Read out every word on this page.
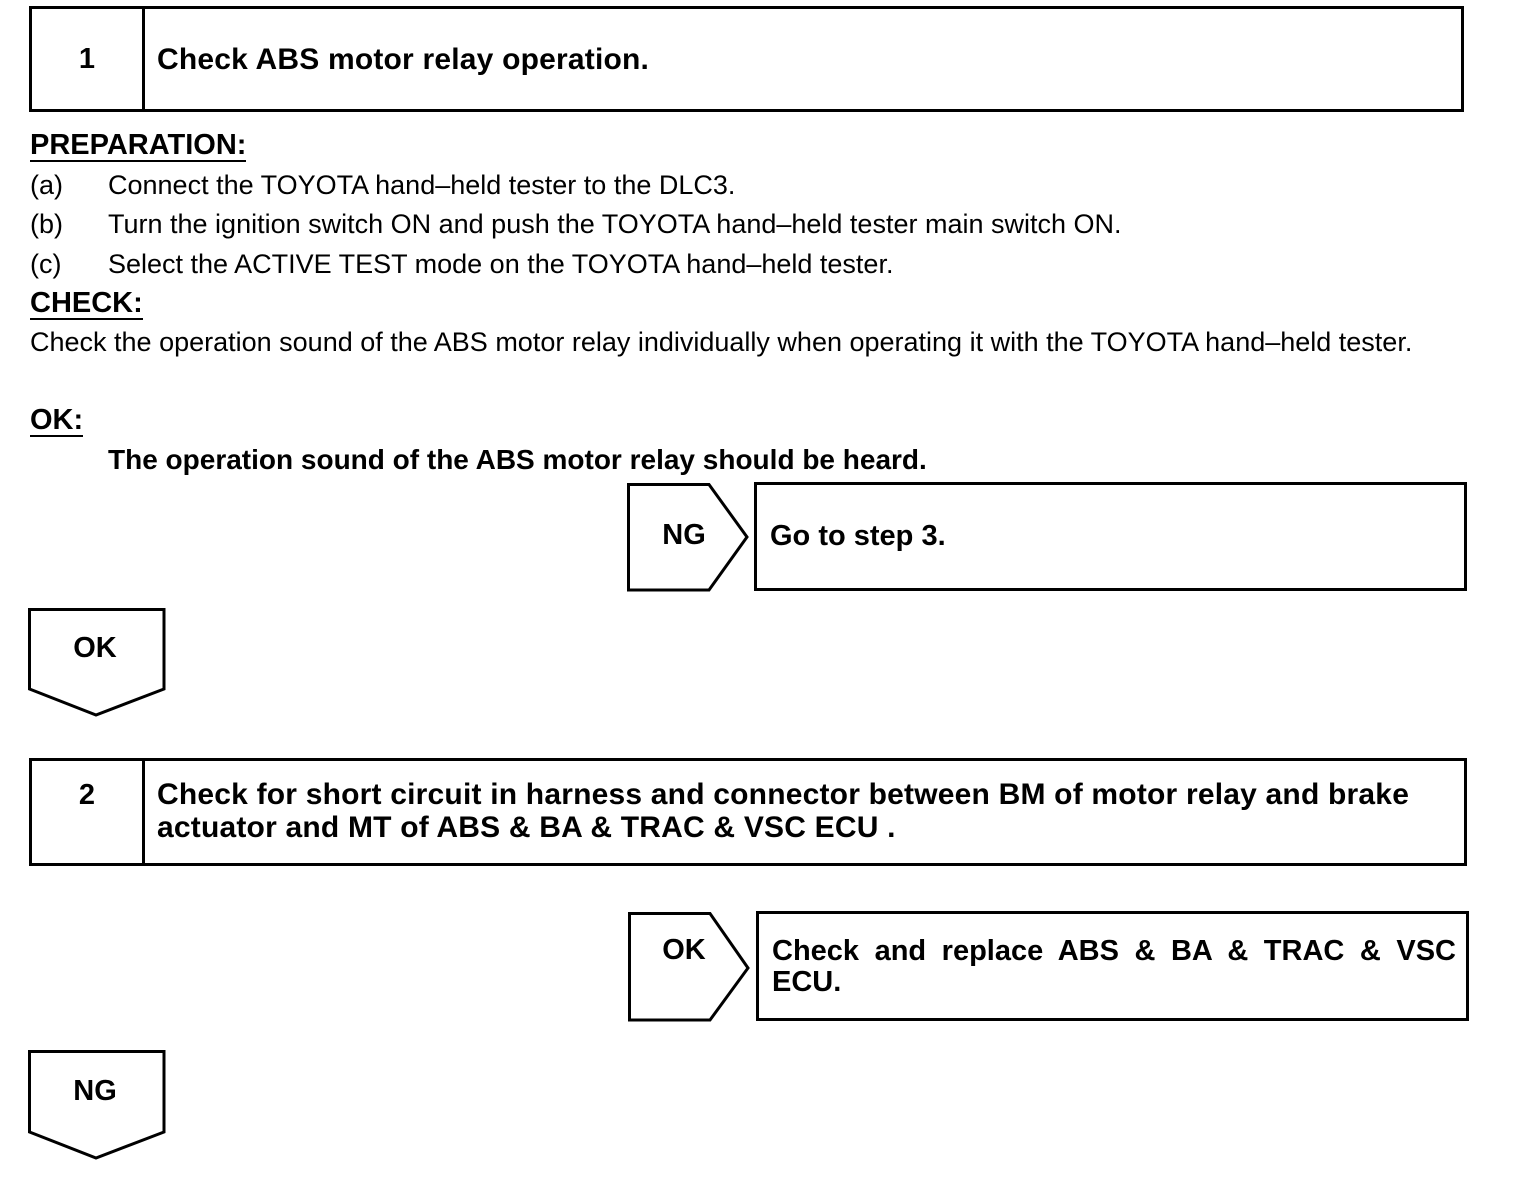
1	Check ABS motor relay operation.
PREPARATION:
(a) Connect the TOYOTA hand–held tester to the DLC3.
(b) Turn the ignition switch ON and push the TOYOTA hand–held tester main switch ON.
(c) Select the ACTIVE TEST mode on the TOYOTA hand–held tester.
CHECK:
Check the operation sound of the ABS motor relay individually when operating it with the TOYOTA hand–held tester.
OK:
The operation sound of the ABS motor relay should be heard.
NG	Go to step 3.
OK
2	Check for short circuit in harness and connector between BM of motor relay and brake actuator and MT of ABS & BA & TRAC & VSC ECU .
OK	Check and replace ABS & BA & TRAC & VSC ECU.
NG
